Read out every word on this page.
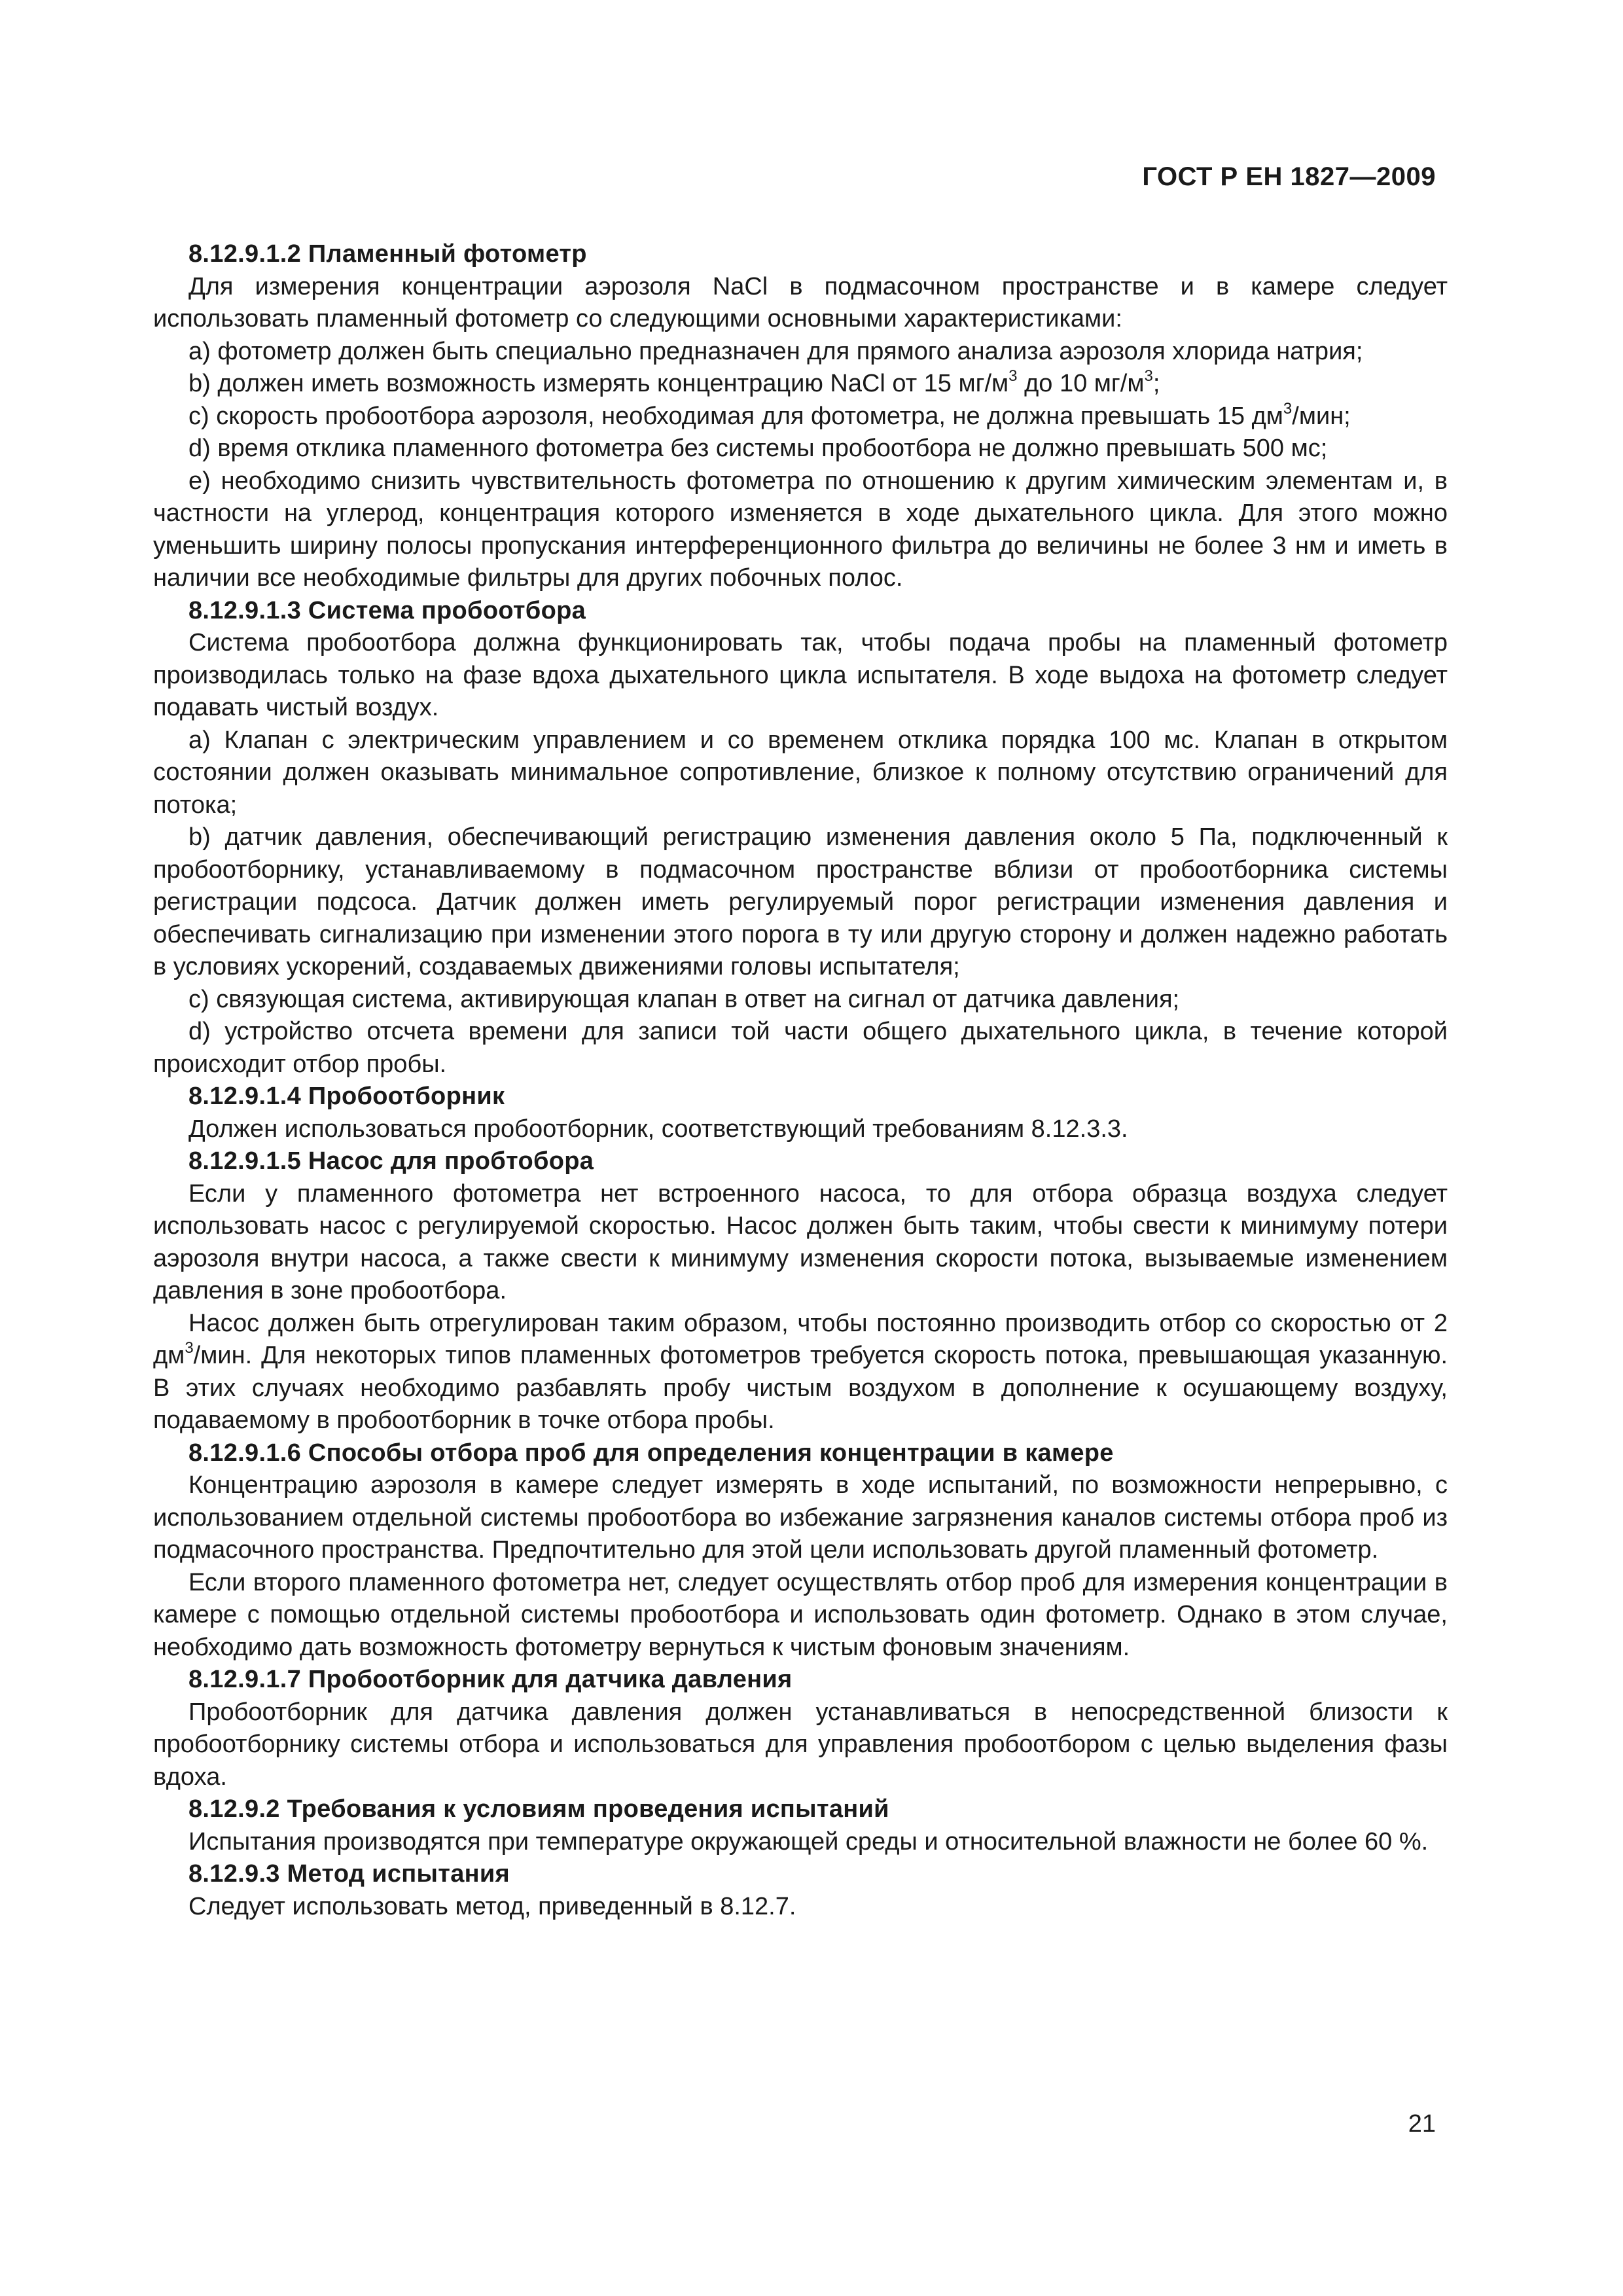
ГОСТ Р ЕН 1827—2009

8.12.9.1.2 Пламенный фотометр

Для измерения концентрации аэрозоля NaCl в подмасочном пространстве и в камере следует использовать пламенный фотометр со следующими основными характеристиками:

a) фотометр должен быть специально предназначен для прямого анализа аэрозоля хлорида натрия;

b) должен иметь возможность измерять концентрацию NaCl от 15 $мг/м^3$ до 10 $мг/м^3$;

c) скорость пробоотбора аэрозоля, необходимая для фотометра, не должна превышать 15 $дм^3$/мин;

d) время отклика пламенного фотометра без системы пробоотбора не должно превышать 500 мс;

e) необходимо снизить чувствительность фотометра по отношению к другим химическим элементам и, в частности на углерод, концентрация которого изменяется в ходе дыхательного цикла. Для этого можно уменьшить ширину полосы пропускания интерференционного фильтра до величины не более 3 нм и иметь в наличии все необходимые фильтры для других побочных полос.

8.12.9.1.3 Система пробоотбора

Система пробоотбора должна функционировать так, чтобы подача пробы на пламенный фотометр производилась только на фазе вдоха дыхательного цикла испытателя. В ходе выдоха на фотометр следует подавать чистый воздух.

a) Клапан с электрическим управлением и со временем отклика порядка 100 мс. Клапан в открытом состоянии должен оказывать минимальное сопротивление, близкое к полному отсутствию ограничений для потока;

b) датчик давления, обеспечивающий регистрацию изменения давления около 5 Па, подключенный к пробоотборнику, устанавливаемому в подмасочном пространстве вблизи от пробоотборника системы регистрации подсоса. Датчик должен иметь регулируемый порог регистрации изменения давления и обеспечивать сигнализацию при изменении этого порога в ту или другую сторону и должен надежно работать в условиях ускорений, создаваемых движениями головы испытателя;

c) связующая система, активирующая клапан в ответ на сигнал от датчика давления;

d) устройство отсчета времени для записи той части общего дыхательного цикла, в течение которой происходит отбор пробы.

8.12.9.1.4 Пробоотборник

Должен использоваться пробоотборник, соответствующий требованиям 8.12.3.3.

8.12.9.1.5 Насос для пробтобора

Если у пламенного фотометра нет встроенного насоса, то для отбора образца воздуха следует использовать насос с регулируемой скоростью. Насос должен быть таким, чтобы свести к минимуму потери аэрозоля внутри насоса, а также свести к минимуму изменения скорости потока, вызываемые изменением давления в зоне пробоотбора.

Насос должен быть отрегулирован таким образом, чтобы постоянно производить отбор со скоростью от 2 $дм^3$/мин. Для некоторых типов пламенных фотометров требуется скорость потока, превышающая указанную. В этих случаях необходимо разбавлять пробу чистым воздухом в дополнение к осушающему воздуху, подаваемому в пробоотборник в точке отбора пробы.

8.12.9.1.6 Способы отбора проб для определения концентрации в камере

Концентрацию аэрозоля в камере следует измерять в ходе испытаний, по возможности непрерывно, с использованием отдельной системы пробоотбора во избежание загрязнения каналов системы отбора проб из подмасочного пространства. Предпочтительно для этой цели использовать другой пламенный фотометр.

Если второго пламенного фотометра нет, следует осуществлять отбор проб для измерения концентрации в камере с помощью отдельной системы пробоотбора и использовать один фотометр. Однако в этом случае, необходимо дать возможность фотометру вернуться к чистым фоновым значениям.

8.12.9.1.7 Пробоотборник для датчика давления

Пробоотборник для датчика давления должен устанавливаться в непосредственной близости к пробоотборнику системы отбора и использоваться для управления пробоотбором с целью выделения фазы вдоха.

8.12.9.2 Требования к условиям проведения испытаний

Испытания производятся при температуре окружающей среды и относительной влажности не более 60 %.

8.12.9.3 Метод испытания

Следует использовать метод, приведенный в 8.12.7.

21
